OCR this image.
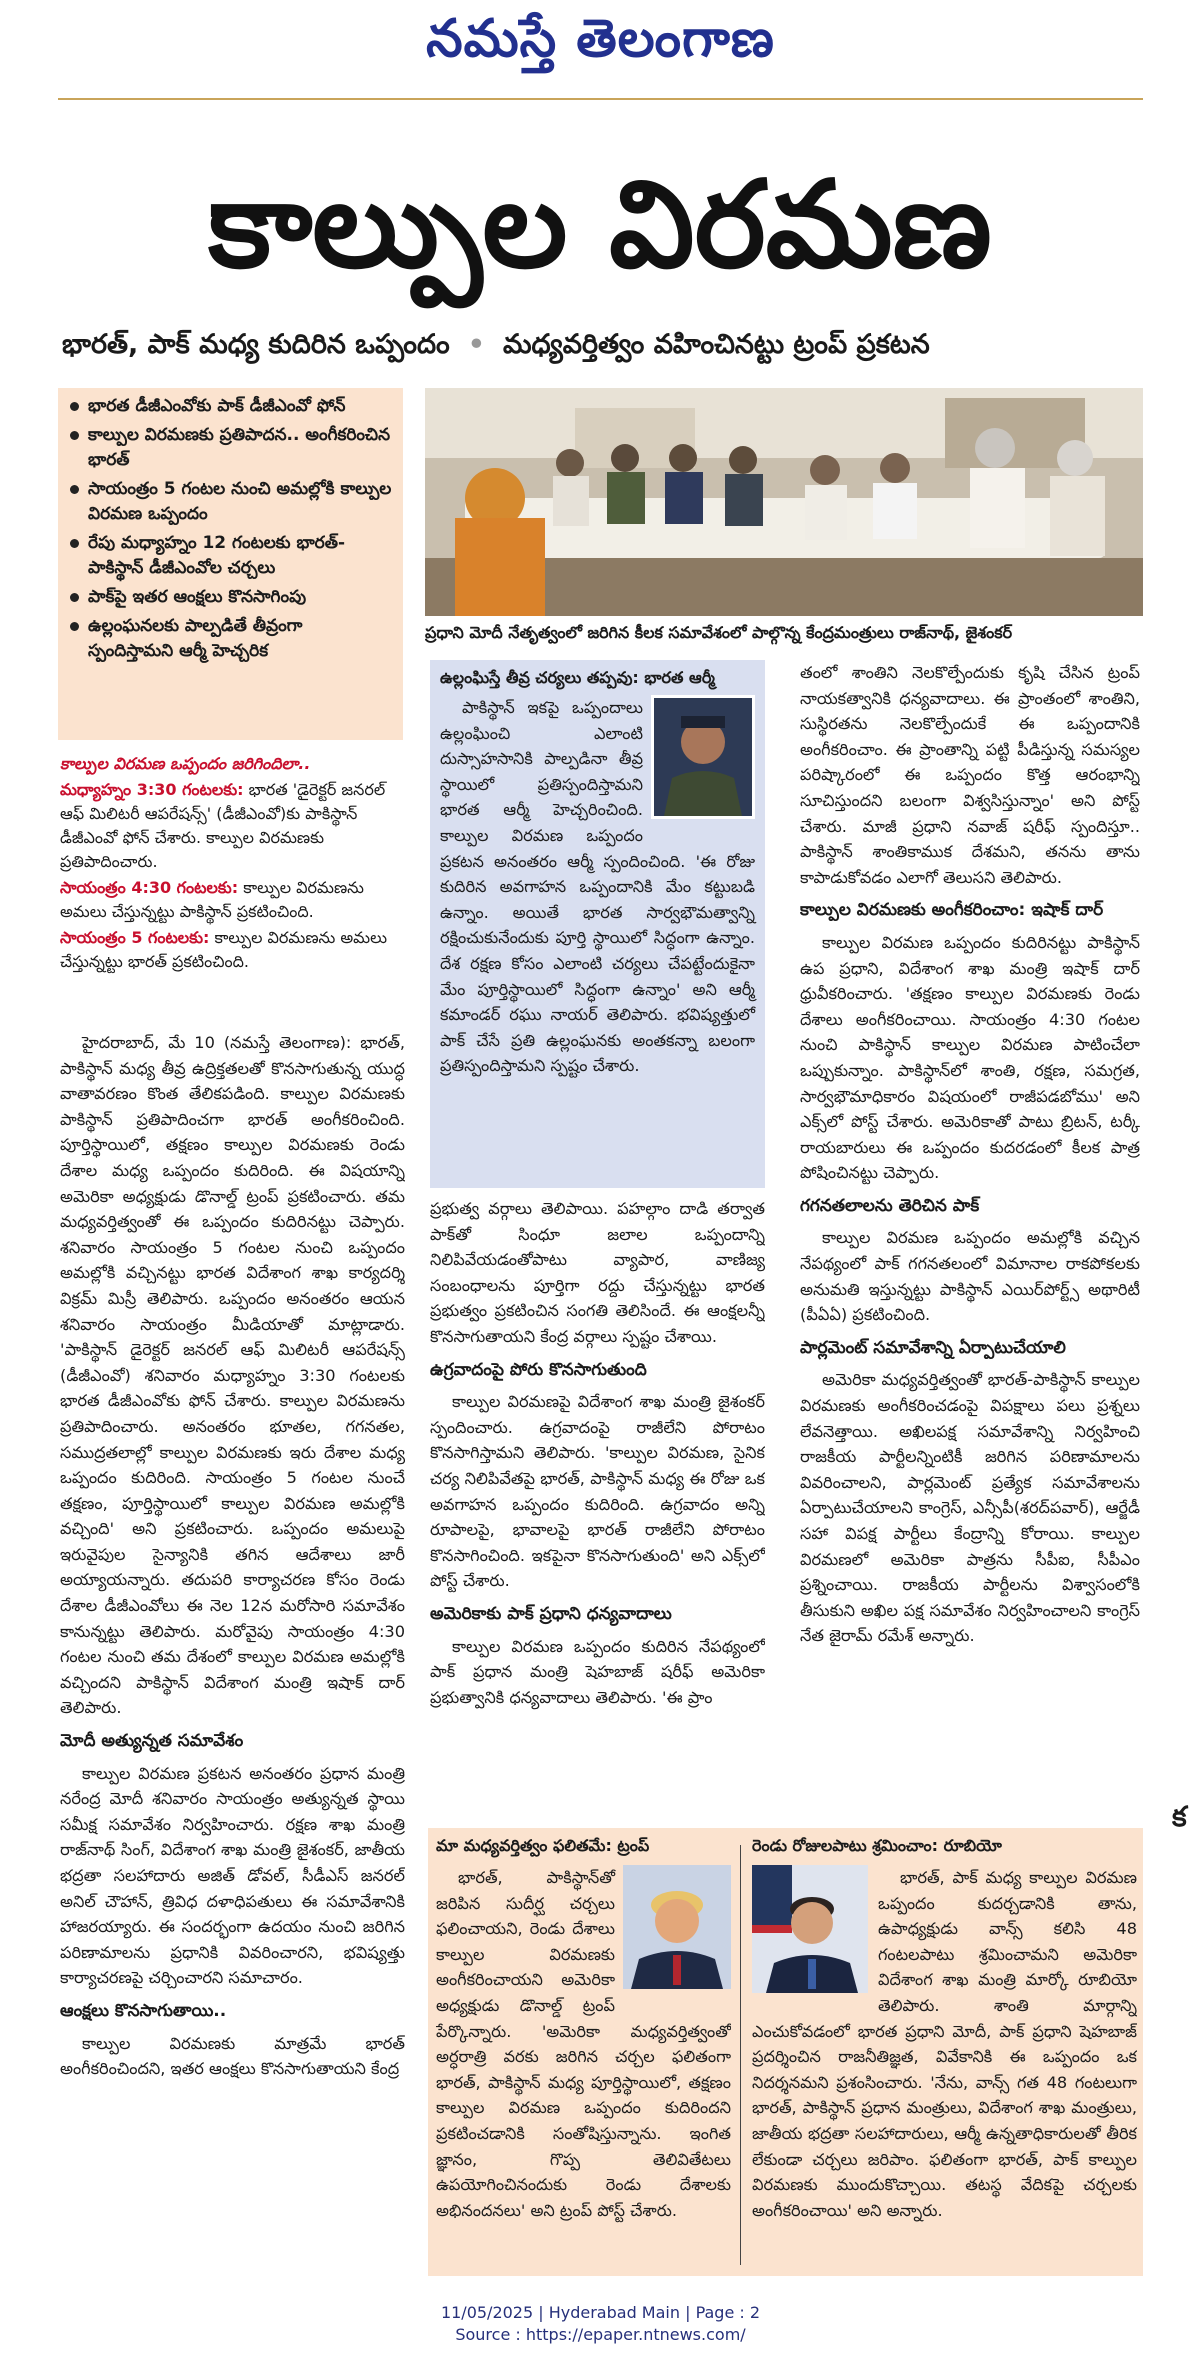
నమస్తే తెలంగాణ
కాల్పుల విరమణ
భారత్, పాక్ మధ్య కుదిరిన ఒప్పందం • మధ్యవర్తిత్వం వహించినట్టు ట్రంప్ ప్రకటన
భారత డీజీఎంవోకు పాక్ డీజీఎంవో ఫోన్
కాల్పుల విరమణకు ప్రతిపాదన.. అంగీకరించిన భారత్
సాయంత్రం 5 గంటల నుంచి అమల్లోకి కాల్పుల విరమణ ఒప్పందం
రేపు మధ్యాహ్నం 12 గంటలకు భారత్-పాకిస్థాన్ డీజీఎంవోల చర్చలు
పాక్‌పై ఇతర ఆంక్షలు కొనసాగింపు
ఉల్లంఘనలకు పాల్పడితే తీవ్రంగా స్పందిస్తామని ఆర్మీ హెచ్చరిక
ప్రధాని మోదీ నేతృత్వంలో జరిగిన కీలక సమావేశంలో పాల్గొన్న కేంద్రమంత్రులు రాజ్‌నాథ్, జైశంకర్

కాల్పుల విరమణ ఒప్పందం జరిగిందిలా..

మధ్యాహ్నం 3:30 గంటలకు: భారత 'డైరెక్టర్ జనరల్ ఆఫ్ మిలిటరీ ఆపరేషన్స్' (డీజీఎంవో)కు పాకిస్థాన్ డీజీఎంవో ఫోన్ చేశారు. కాల్పుల విరమణకు ప్రతిపాదించారు.

సాయంత్రం 4:30 గంటలకు: కాల్పుల విరమణను అమలు చేస్తున్నట్టు పాకిస్థాన్ ప్రకటించింది.

సాయంత్రం 5 గంటలకు: కాల్పుల విరమణను అమలు చేస్తున్నట్టు భారత్ ప్రకటించింది.

హైదరాబాద్, మే 10 (నమస్తే తెలంగాణ): భారత్, పాకిస్థాన్ మధ్య తీవ్ర ఉద్రిక్తతలతో కొనసాగుతున్న యుద్ధ వాతావరణం కొంత తేలికపడింది. కాల్పుల విరమణకు పాకిస్థాన్ ప్రతిపాదించగా భారత్ అంగీకరించింది. పూర్తిస్థాయిలో, తక్షణం కాల్పుల విరమణకు రెండు దేశాల మధ్య ఒప్పందం కుదిరింది. ఈ విషయాన్ని అమెరికా అధ్యక్షుడు డొనాల్డ్ ట్రంప్ ప్రకటించారు. తమ మధ్యవర్తిత్వంతో ఈ ఒప్పందం కుదిరినట్టు చెప్పారు. శనివారం సాయంత్రం 5 గంటల నుంచి ఒప్పందం అమల్లోకి వచ్చినట్టు భారత విదేశాంగ శాఖ కార్యదర్శి విక్రమ్ మిస్రీ తెలిపారు. ఒప్పందం అనంతరం ఆయన శనివారం సాయంత్రం మీడియాతో మాట్లాడారు. 'పాకిస్థాన్ డైరెక్టర్ జనరల్ ఆఫ్ మిలిటరీ ఆపరేషన్స్ (డీజీఎంవో) శనివారం మధ్యాహ్నం 3:30 గంటలకు భారత డీజీఎంవోకు ఫోన్ చేశారు. కాల్పుల విరమణను ప్రతిపాదించారు. అనంతరం భూతల, గగనతల, సముద్రతలాల్లో కాల్పుల విరమణకు ఇరు దేశాల మధ్య ఒప్పందం కుదిరింది. సాయంత్రం 5 గంటల నుంచే తక్షణం, పూర్తిస్థాయిలో కాల్పుల విరమణ అమల్లోకి వచ్చింది' అని ప్రకటించారు. ఒప్పందం అమలుపై ఇరువైపుల సైన్యానికి తగిన ఆదేశాలు జారీ అయ్యాయన్నారు. తదుపరి కార్యాచరణ కోసం రెండు దేశాల డీజీఎంవోలు ఈ నెల 12న మరోసారి సమావేశం కానున్నట్టు తెలిపారు. మరోవైపు సాయంత్రం 4:30 గంటల నుంచి తమ దేశంలో కాల్పుల విరమణ అమల్లోకి వచ్చిందని పాకిస్థాన్ విదేశాంగ మంత్రి ఇషాక్ దార్ తెలిపారు.

మోదీ అత్యున్నత సమావేశం

కాల్పుల విరమణ ప్రకటన అనంతరం ప్రధాన మంత్రి నరేంద్ర మోదీ శనివారం సాయంత్రం అత్యున్నత స్థాయి సమీక్ష సమావేశం నిర్వహించారు. రక్షణ శాఖ మంత్రి రాజ్‌నాథ్ సింగ్, విదేశాంగ శాఖ మంత్రి జైశంకర్, జాతీయ భద్రతా సలహాదారు అజిత్ డోవల్, సీడీఎస్ జనరల్ అనిల్ చౌహాన్, త్రివిధ దళాధిపతులు ఈ సమావేశానికి హాజరయ్యారు. ఈ సందర్భంగా ఉదయం నుంచి జరిగిన పరిణామాలను ప్రధానికి వివరించారని, భవిష్యత్తు కార్యాచరణపై చర్చించారని సమాచారం.

ఆంక్షలు కొనసాగుతాయి..

కాల్పుల విరమణకు మాత్రమే భారత్ అంగీకరించిందని, ఇతర ఆంక్షలు కొనసాగుతాయని కేంద్ర

ఉల్లంఘిస్తే తీవ్ర చర్యలు తప్పవు: భారత ఆర్మీ
పాకిస్థాన్ ఇకపై ఒప్పందాలు ఉల్లంఘించి ఎలాంటి దుస్సాహసానికి పాల్పడినా తీవ్ర స్థాయిలో ప్రతిస్పందిస్తామని భారత ఆర్మీ హెచ్చరించింది. కాల్పుల విరమణ ఒప్పందం ప్రకటన అనంతరం ఆర్మీ స్పందించింది. 'ఈ రోజు కుదిరిన అవగాహన ఒప్పందానికి మేం కట్టుబడి ఉన్నాం. అయితే భారత సార్వభౌమత్వాన్ని రక్షించుకునేందుకు పూర్తి స్థాయిలో సిద్ధంగా ఉన్నాం. దేశ రక్షణ కోసం ఎలాంటి చర్యలు చేపట్టేందుకైనా మేం పూర్తిస్థాయిలో సిద్ధంగా ఉన్నాం' అని ఆర్మీ కమాండర్ రఘు నాయర్ తెలిపారు. భవిష్యత్తులో పాక్ చేసే ప్రతి ఉల్లంఘనకు అంతకన్నా బలంగా ప్రతిస్పందిస్తామని స్పష్టం చేశారు.

ప్రభుత్వ వర్గాలు తెలిపాయి. పహల్గాం దాడి తర్వాత పాక్‌తో సింధూ జలాల ఒప్పందాన్ని నిలిపివేయడంతోపాటు వ్యాపార, వాణిజ్య సంబంధాలను పూర్తిగా రద్దు చేస్తున్నట్టు భారత ప్రభుత్వం ప్రకటించిన సంగతి తెలిసిందే. ఈ ఆంక్షలన్నీ కొనసాగుతాయని కేంద్ర వర్గాలు స్పష్టం చేశాయి.

ఉగ్రవాదంపై పోరు కొనసాగుతుంది

కాల్పుల విరమణపై విదేశాంగ శాఖ మంత్రి జైశంకర్ స్పందించారు. ఉగ్రవాదంపై రాజీలేని పోరాటం కొనసాగిస్తామని తెలిపారు. 'కాల్పుల విరమణ, సైనిక చర్య నిలిపివేతపై భారత్, పాకిస్థాన్ మధ్య ఈ రోజు ఒక అవగాహన ఒప్పందం కుదిరింది. ఉగ్రవాదం అన్ని రూపాలపై, భావాలపై భారత్ రాజీలేని పోరాటం కొనసాగించింది. ఇకపైనా కొనసాగుతుంది' అని ఎక్స్‌లో పోస్ట్ చేశారు.

అమెరికాకు పాక్ ప్రధాని ధన్యవాదాలు

కాల్పుల విరమణ ఒప్పందం కుదిరిన నేపథ్యంలో పాక్ ప్రధాన మంత్రి షెహబాజ్ షరీఫ్ అమెరికా ప్రభుత్వానికి ధన్యవాదాలు తెలిపారు. 'ఈ ప్రాం

తంలో శాంతిని నెలకొల్పేందుకు కృషి చేసిన ట్రంప్ నాయకత్వానికి ధన్యవాదాలు. ఈ ప్రాంతంలో శాంతిని, సుస్థిరతను నెలకొల్పేందుకే ఈ ఒప్పందానికి అంగీకరించాం. ఈ ప్రాంతాన్ని పట్టి పీడిస్తున్న సమస్యల పరిష్కారంలో ఈ ఒప్పందం కొత్త ఆరంభాన్ని సూచిస్తుందని బలంగా విశ్వసిస్తున్నాం' అని పోస్ట్ చేశారు. మాజీ ప్రధాని నవాజ్ షరీఫ్ స్పందిస్తూ.. పాకిస్థాన్ శాంతికాముక దేశమని, తనను తాను కాపాడుకోవడం ఎలాగో తెలుసని తెలిపారు.

కాల్పుల విరమణకు అంగీకరించాం: ఇషాక్ దార్

కాల్పుల విరమణ ఒప్పందం కుదిరినట్టు పాకిస్థాన్ ఉప ప్రధాని, విదేశాంగ శాఖ మంత్రి ఇషాక్ దార్ ధ్రువీకరించారు. 'తక్షణం కాల్పుల విరమణకు రెండు దేశాలు అంగీకరించాయి. సాయంత్రం 4:30 గంటల నుంచి పాకిస్థాన్ కాల్పుల విరమణ పాటించేలా ఒప్పుకున్నాం. పాకిస్థాన్‌లో శాంతి, రక్షణ, సమగ్రత, సార్వభౌమాధికారం విషయంలో రాజీపడబోము' అని ఎక్స్‌లో పోస్ట్ చేశారు. అమెరికాతో పాటు బ్రిటన్, టర్కీ రాయబారులు ఈ ఒప్పందం కుదరడంలో కీలక పాత్ర పోషించినట్టు చెప్పారు.

గగనతలాలను తెరిచిన పాక్

కాల్పుల విరమణ ఒప్పందం అమల్లోకి వచ్చిన నేపథ్యంలో పాక్ గగనతలంలో విమానాల రాకపోకలకు అనుమతి ఇస్తున్నట్టు పాకిస్థాన్ ఎయిర్‌పోర్ట్స్ అథారిటీ (పీఏఏ) ప్రకటించింది.

పార్లమెంట్ సమావేశాన్ని ఏర్పాటుచేయాలి

అమెరికా మధ్యవర్తిత్వంతో భారత్-పాకిస్థాన్ కాల్పుల విరమణకు అంగీకరించడంపై విపక్షాలు పలు ప్రశ్నలు లేవనెత్తాయి. అఖిలపక్ష సమావేశాన్ని నిర్వహించి రాజకీయ పార్టీలన్నింటికీ జరిగిన పరిణామాలను వివరించాలని, పార్లమెంట్ ప్రత్యేక సమావేశాలను ఏర్పాటుచేయాలని కాంగ్రెస్, ఎన్సీపీ(శరద్‌పవార్), ఆర్జేడీ సహా విపక్ష పార్టీలు కేంద్రాన్ని కోరాయి. కాల్పుల విరమణలో అమెరికా పాత్రను సీపీఐ, సీపీఎం ప్రశ్నించాయి. రాజకీయ పార్టీలను విశ్వాసంలోకి తీసుకుని అఖిల పక్ష సమావేశం నిర్వహించాలని కాంగ్రెస్ నేత జైరామ్ రమేశ్ అన్నారు.

మా మధ్యవర్తిత్వం ఫలితమే: ట్రంప్
భారత్, పాకిస్థాన్‌తో జరిపిన సుదీర్ఘ చర్చలు ఫలించాయని, రెండు దేశాలు కాల్పుల విరమణకు అంగీకరించాయని అమెరికా అధ్యక్షుడు డొనాల్డ్ ట్రంప్ పేర్కొన్నారు. 'అమెరికా మధ్యవర్తిత్వంతో అర్ధరాత్రి వరకు జరిగిన చర్చల ఫలితంగా భారత్, పాకిస్థాన్ మధ్య పూర్తిస్థాయిలో, తక్షణం కాల్పుల విరమణ ఒప్పందం కుదిరిందని ప్రకటించడానికి సంతోషిస్తున్నాను. ఇంగిత జ్ఞానం, గొప్ప తెలివితేటలు ఉపయోగించినందుకు రెండు దేశాలకు అభినందనలు' అని ట్రంప్ పోస్ట్ చేశారు.
రెండు రోజులపాటు శ్రమించాం: రూబియో
భారత్, పాక్ మధ్య కాల్పుల విరమణ ఒప్పందం కుదర్చడానికి తాను, ఉపాధ్యక్షుడు వాన్స్ కలిసి 48 గంటలపాటు శ్రమించామని అమెరికా విదేశాంగ శాఖ మంత్రి మార్కో రూబియో తెలిపారు. శాంతి మార్గాన్ని ఎంచుకోవడంలో భారత ప్రధాని మోదీ, పాక్ ప్రధాని షెహబాజ్ ప్రదర్శించిన రాజనీతిజ్ఞత, వివేకానికి ఈ ఒప్పందం ఒక నిదర్శనమని ప్రశంసించారు. 'నేను, వాన్స్ గత 48 గంటలుగా భారత్, పాకిస్థాన్ ప్రధాన మంత్రులు, విదేశాంగ శాఖ మంత్రులు, జాతీయ భద్రతా సలహాదారులు, ఆర్మీ ఉన్నతాధికారులతో తీరిక లేకుండా చర్చలు జరిపాం. ఫలితంగా భారత్, పాక్ కాల్పుల విరమణకు ముందుకొచ్చాయి. తటస్థ వేదికపై చర్చలకు అంగీకరించాయి' అని అన్నారు.
క
11/05/2025 | Hyderabad Main | Page : 2
Source : https://epaper.ntnews.com/
